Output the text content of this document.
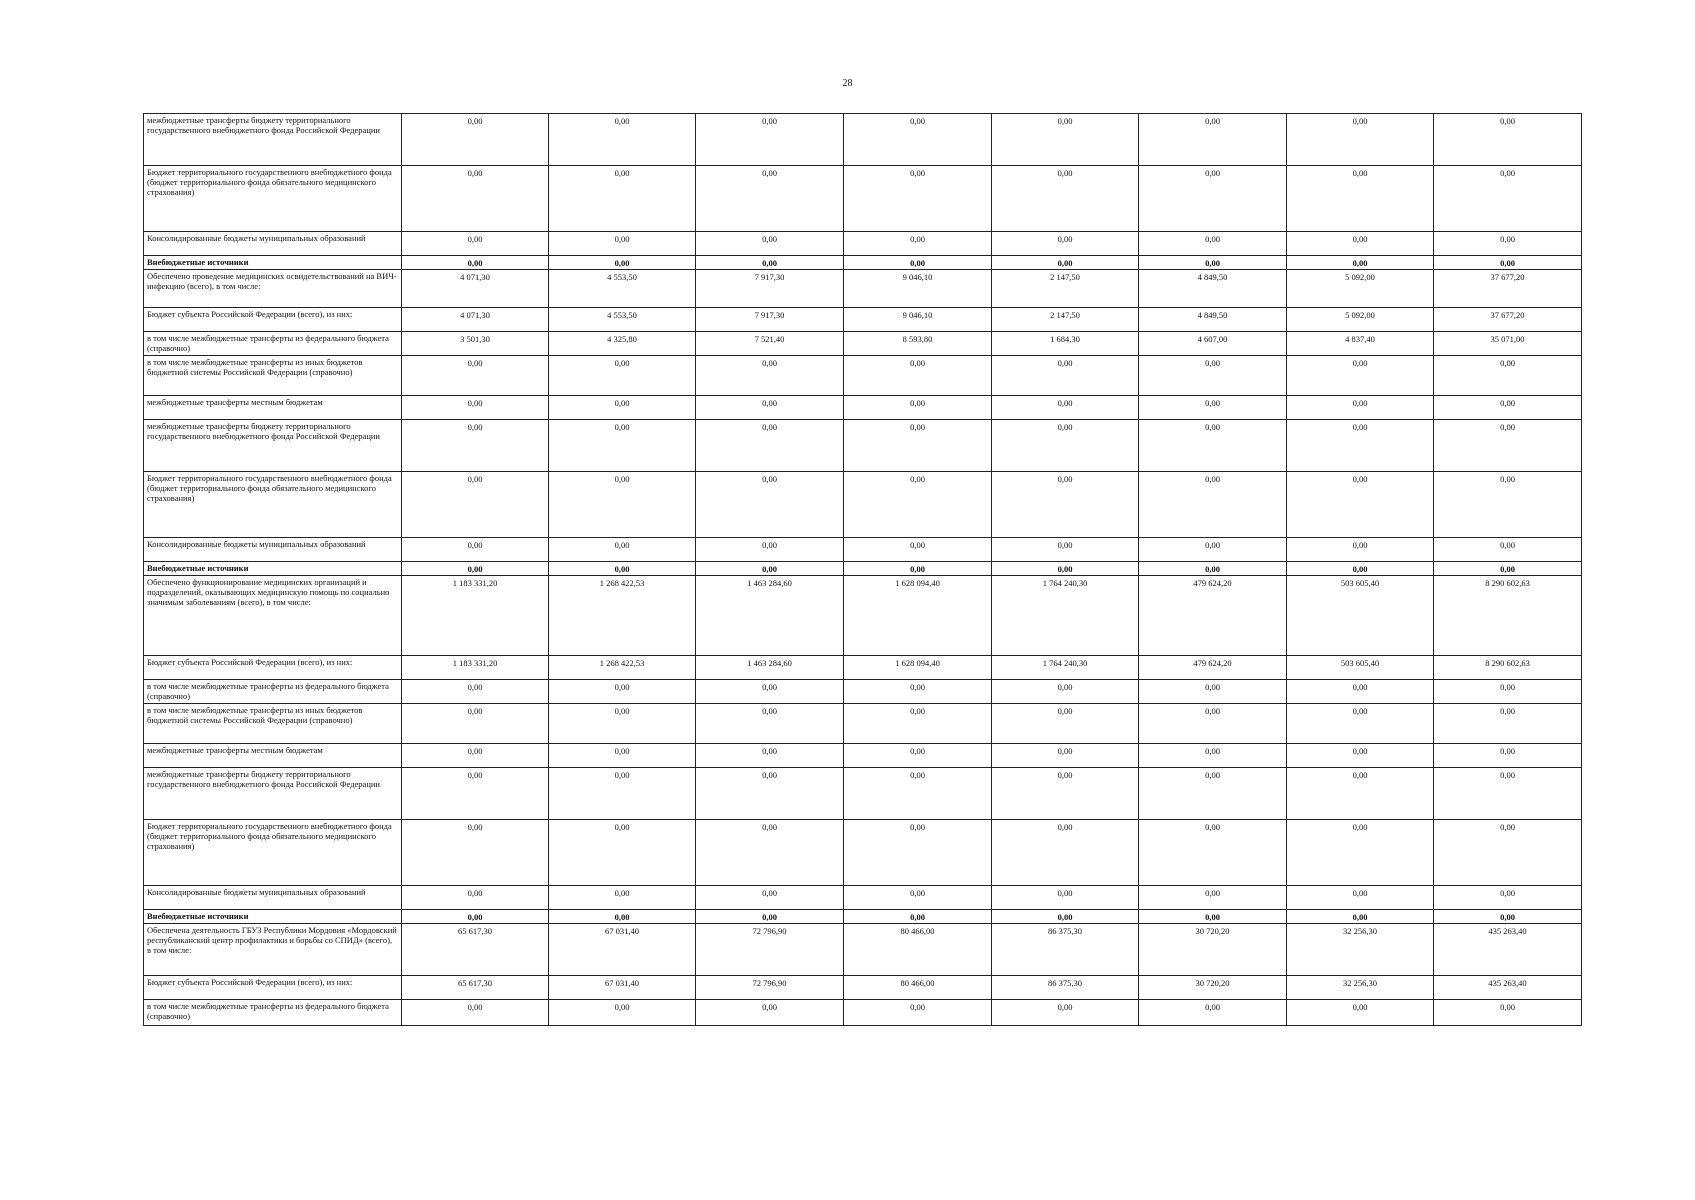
28
межбюджетные трансферты бюджету территориального государственного внебюджетного фонда Российской Федерации	0,00	0,00	0,00	0,00	0,00	0,00	0,00	0,00
Бюджет территориального государственного внебюджетного фонда (бюджет территориального фонда обязательного медицинского страхования)	0,00	0,00	0,00	0,00	0,00	0,00	0,00	0,00
Консолидированные бюджеты муниципальных образований	0,00	0,00	0,00	0,00	0,00	0,00	0,00	0,00
Внебюджетные источники	0,00	0,00	0,00	0,00	0,00	0,00	0,00	0,00
Обеспечено проведение медицинских освидетельствований на ВИЧ-инфекцию (всего), в том числе:	4 071,30	4 553,50	7 917,30	9 046,10	2 147,50	4 849,50	5 092,00	37 677,20
Бюджет субъекта Российской Федерации (всего), из них:	4 071,30	4 553,50	7 917,30	9 046,10	2 147,50	4 849,50	5 092,00	37 677,20
в том числе межбюджетные трансферты из федерального бюджета (справочно)	3 501,30	4 325,80	7 521,40	8 593,80	1 684,30	4 607,00	4 837,40	35 071,00
в том числе межбюджетные трансферты из иных бюджетов бюджетной системы Российской Федерации (справочно)	0,00	0,00	0,00	0,00	0,00	0,00	0,00	0,00
межбюджетные трансферты местным бюджетам	0,00	0,00	0,00	0,00	0,00	0,00	0,00	0,00
межбюджетные трансферты бюджету территориального государственного внебюджетного фонда Российской Федерации	0,00	0,00	0,00	0,00	0,00	0,00	0,00	0,00
Бюджет территориального государственного внебюджетного фонда (бюджет территориального фонда обязательного медицинского страхования)	0,00	0,00	0,00	0,00	0,00	0,00	0,00	0,00
Консолидированные бюджеты муниципальных образований	0,00	0,00	0,00	0,00	0,00	0,00	0,00	0,00
Внебюджетные источники	0,00	0,00	0,00	0,00	0,00	0,00	0,00	0,00
Обеспечено функционирование медицинских организаций и подразделений, оказывающих медицинскую помощь по социально значимым заболеваниям (всего), в том числе:	1 183 331,20	1 268 422,53	1 463 284,60	1 628 094,40	1 764 240,30	479 624,20	503 605,40	8 290 602,63
Бюджет субъекта Российской Федерации (всего), из них:	1 183 331,20	1 268 422,53	1 463 284,60	1 628 094,40	1 764 240,30	479 624,20	503 605,40	8 290 602,63
в том числе межбюджетные трансферты из федерального бюджета (справочно)	0,00	0,00	0,00	0,00	0,00	0,00	0,00	0,00
в том числе межбюджетные трансферты из иных бюджетов бюджетной системы Российской Федерации (справочно)	0,00	0,00	0,00	0,00	0,00	0,00	0,00	0,00
межбюджетные трансферты местным бюджетам	0,00	0,00	0,00	0,00	0,00	0,00	0,00	0,00
межбюджетные трансферты бюджету территориального государственного внебюджетного фонда Российской Федерации	0,00	0,00	0,00	0,00	0,00	0,00	0,00	0,00
Бюджет территориального государственного внебюджетного фонда (бюджет территориального фонда обязательного медицинского страхования)	0,00	0,00	0,00	0,00	0,00	0,00	0,00	0,00
Консолидированные бюджеты муниципальных образований	0,00	0,00	0,00	0,00	0,00	0,00	0,00	0,00
Внебюджетные источники	0,00	0,00	0,00	0,00	0,00	0,00	0,00	0,00
Обеспечена деятельность ГБУЗ Республики Мордовия «Мордовский республиканский центр профилактики и борьбы со СПИД» (всего), в том числе:	65 617,30	67 031,40	72 796,90	80 466,00	86 375,30	30 720,20	32 256,30	435 263,40
Бюджет субъекта Российской Федерации (всего), из них:	65 617,30	67 031,40	72 796,90	80 466,00	86 375,30	30 720,20	32 256,30	435 263,40
в том числе межбюджетные трансферты из федерального бюджета (справочно)	0,00	0,00	0,00	0,00	0,00	0,00	0,00	0,00
